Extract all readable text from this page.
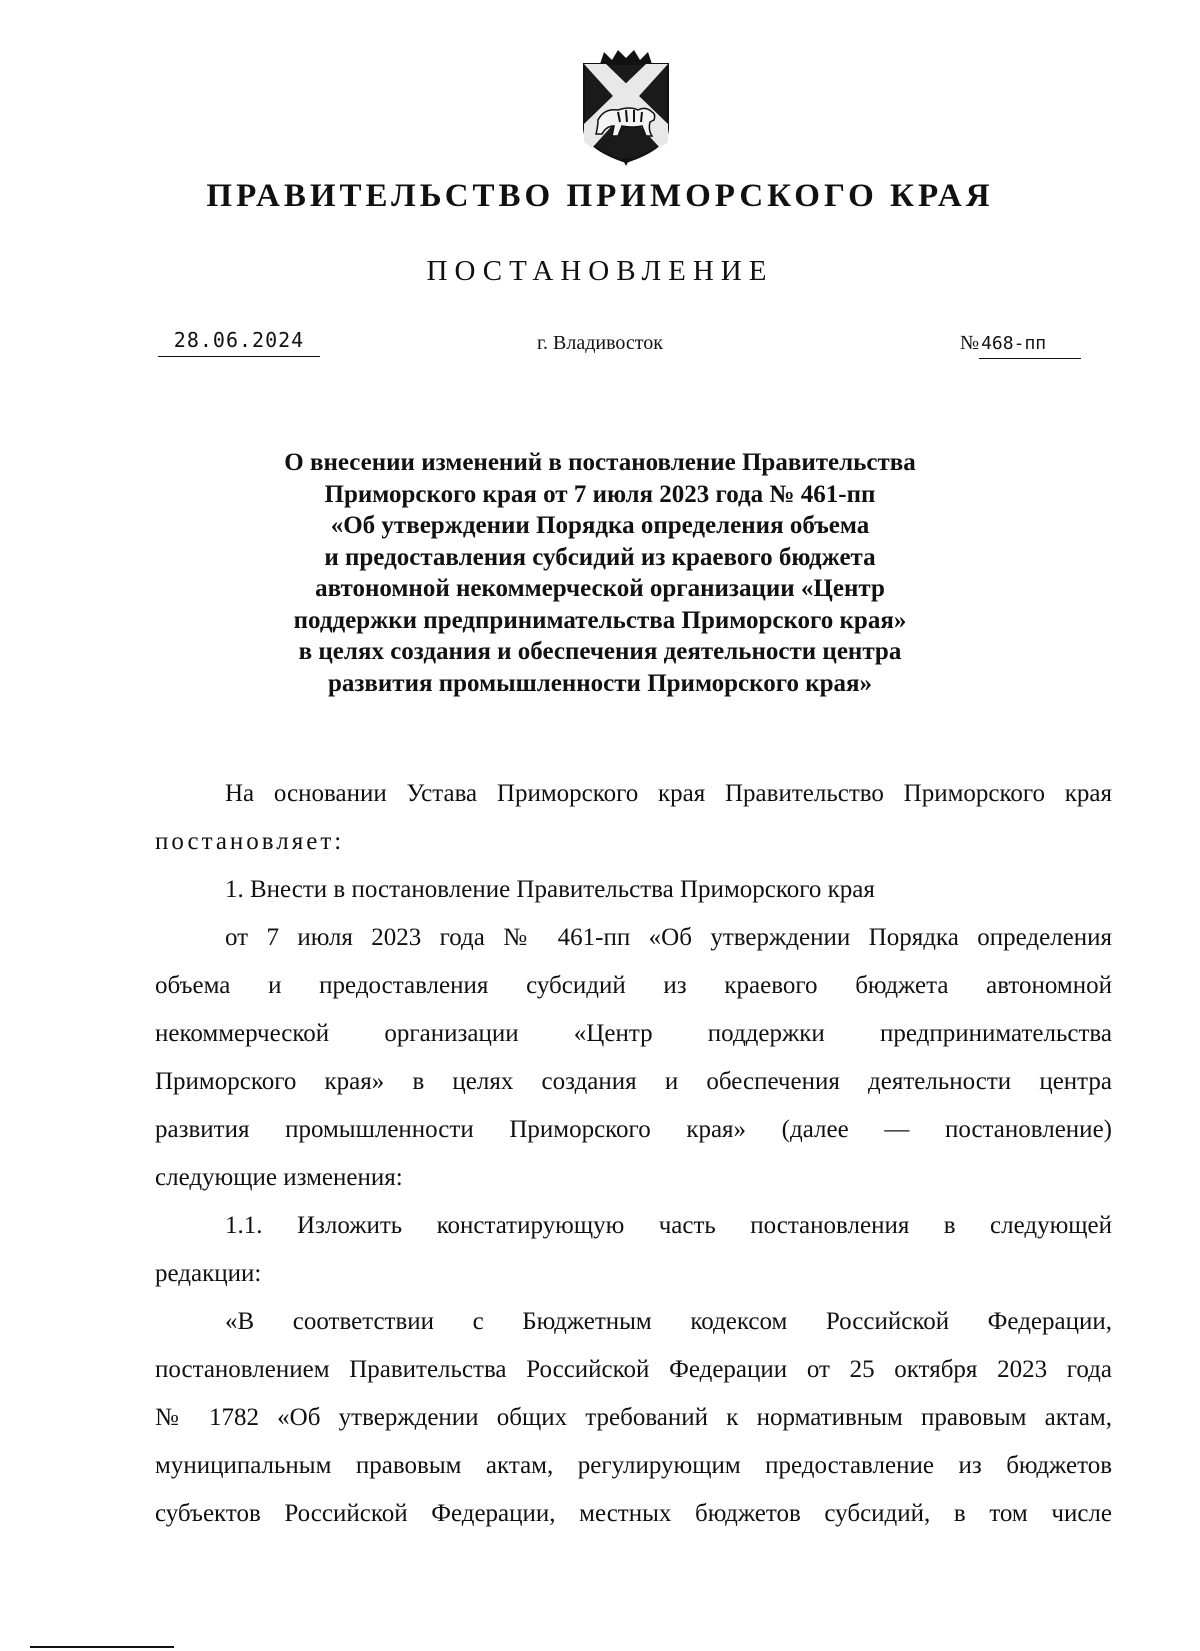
ПРАВИТЕЛЬСТВО ПРИМОРСКОГО КРАЯ
ПОСТАНОВЛЕНИЕ
28.06.2024	г. Владивосток	№ 468-пп
О внесении изменений в постановление Правительства
Приморского края от 7 июля 2023 года № 461-пп
«Об утверждении Порядка определения объема
и предоставления субсидий из краевого бюджета
автономной некоммерческой организации «Центр
поддержки предпринимательства Приморского края»
в целях создания и обеспечения деятельности центра
развития промышленности Приморского края»
На основании Устава Приморского края Правительство Приморского края
постановляет:
1. Внести в постановление Правительства Приморского края
от 7 июля 2023 года № 461-пп «Об утверждении Порядка определения
объема и предоставления субсидий из краевого бюджета автономной
некоммерческой организации «Центр поддержки предпринимательства
Приморского края» в целях создания и обеспечения деятельности центра
развития промышленности Приморского края» (далее — постановление)
следующие изменения:
1.1. Изложить констатирующую часть постановления в следующей
редакции:
«В соответствии с Бюджетным кодексом Российской Федерации,
постановлением Правительства Российской Федерации от 25 октября 2023 года
№ 1782 «Об утверждении общих требований к нормативным правовым актам,
муниципальным правовым актам, регулирующим предоставление из бюджетов
субъектов Российской Федерации, местных бюджетов субсидий, в том числе
